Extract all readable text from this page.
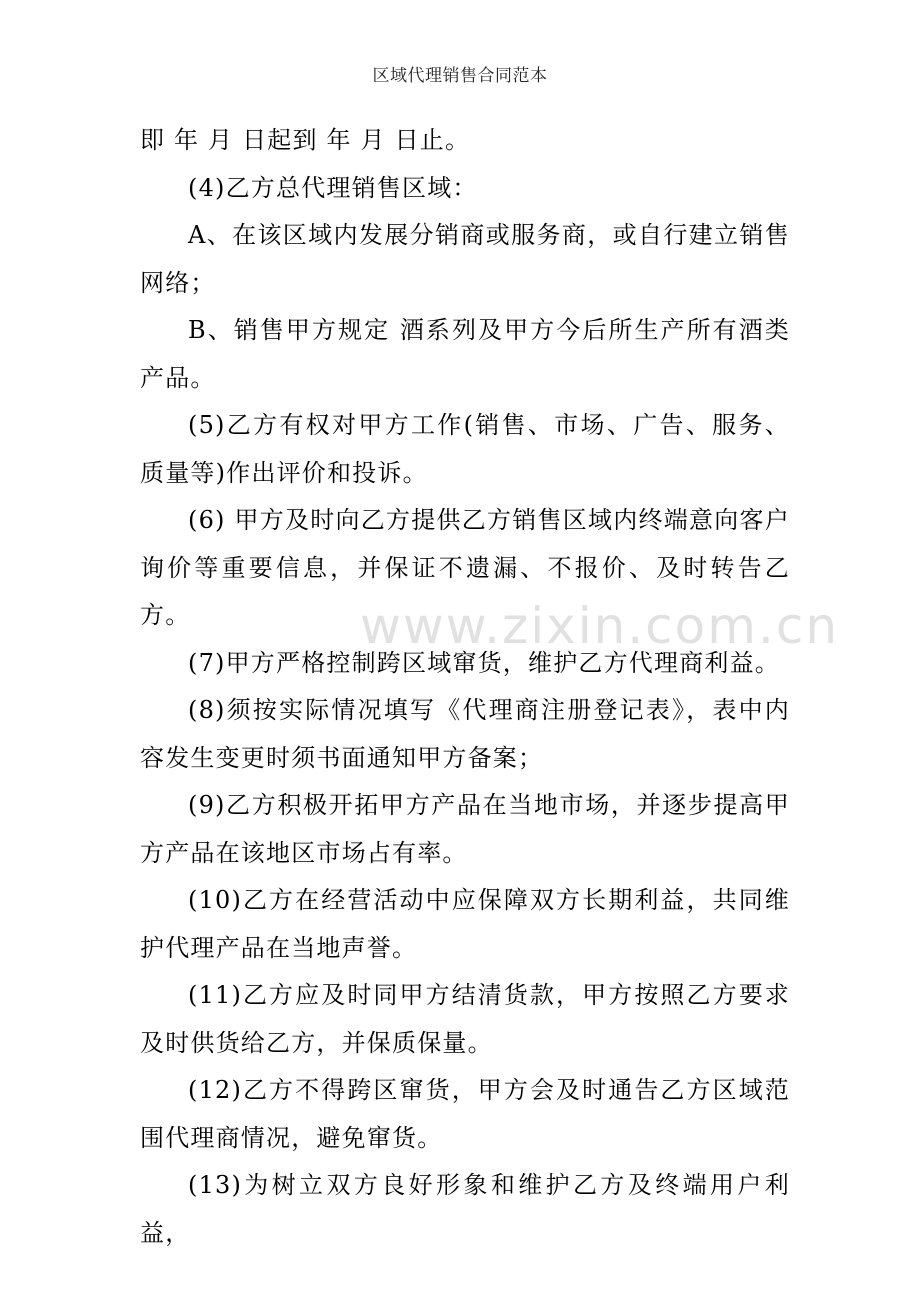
区域代理销售合同范本
www.zixin.com.cn

即 年 月 日起到 年 月 日止。

(4)乙方总代理销售区域：

A、在该区域内发展分销商或服务商，或自行建立销售网络；

B、销售甲方规定 酒系列及甲方今后所生产所有酒类产品。

(5)乙方有权对甲方工作(销售、市场、广告、服务、质量等)作出评价和投诉。

(6) 甲方及时向乙方提供乙方销售区域内终端意向客户询价等重要信息，并保证不遗漏、不报价、及时转告乙方。

(7)甲方严格控制跨区域窜货，维护乙方代理商利益。

(8)须按实际情况填写《代理商注册登记表》，表中内容发生变更时须书面通知甲方备案；

(9)乙方积极开拓甲方产品在当地市场，并逐步提高甲方产品在该地区市场占有率。

(10)乙方在经营活动中应保障双方长期利益，共同维护代理产品在当地声誉。

(11)乙方应及时同甲方结清货款，甲方按照乙方要求及时供货给乙方，并保质保量。

(12)乙方不得跨区窜货，甲方会及时通告乙方区域范围代理商情况，避免窜货。

(13)为树立双方良好形象和维护乙方及终端用户利益，
